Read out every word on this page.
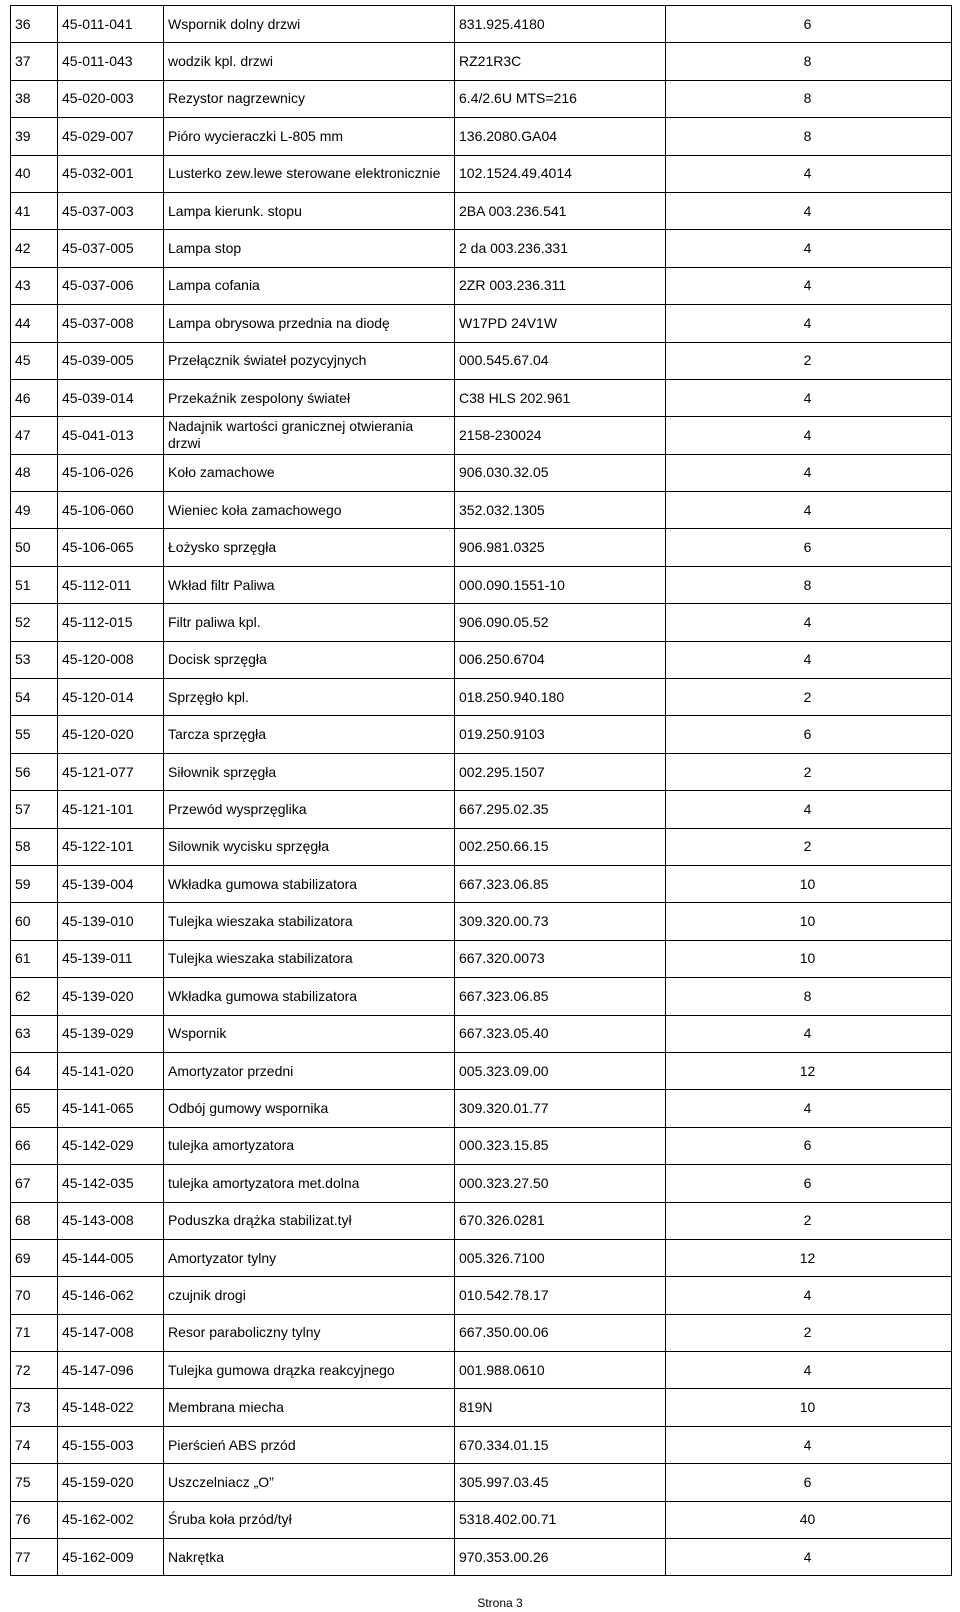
36	45-011-041	Wspornik dolny drzwi	831.925.4180	6
37	45-011-043	wodzik kpl. drzwi	RZ21R3C	8
38	45-020-003	Rezystor nagrzewnicy	6.4/2.6U MTS=216	8
39	45-029-007	Pióro wycieraczki L-805 mm	136.2080.GA04	8
40	45-032-001	Lusterko zew.lewe sterowane elektronicznie	102.1524.49.4014	4
41	45-037-003	Lampa kierunk. stopu	2BA 003.236.541	4
42	45-037-005	Lampa stop	2 da 003.236.331	4
43	45-037-006	Lampa cofania	2ZR 003.236.311	4
44	45-037-008	Lampa obrysowa przednia na diodę	W17PD 24V1W	4
45	45-039-005	Przełącznik świateł pozycyjnych	000.545.67.04	2
46	45-039-014	Przekaźnik zespolony świateł	C38 HLS 202.961	4
47	45-041-013	Nadajnik wartości granicznej otwierania drzwi	2158-230024	4
48	45-106-026	Koło zamachowe	906.030.32.05	4
49	45-106-060	Wieniec koła zamachowego	352.032.1305	4
50	45-106-065	Łożysko sprzęgła	906.981.0325	6
51	45-112-011	Wkład filtr Paliwa	000.090.1551-10	8
52	45-112-015	Filtr paliwa kpl.	906.090.05.52	4
53	45-120-008	Docisk sprzęgła	006.250.6704	4
54	45-120-014	Sprzęgło kpl.	018.250.940.180	2
55	45-120-020	Tarcza sprzęgła	019.250.9103	6
56	45-121-077	Siłownik sprzęgła	002.295.1507	2
57	45-121-101	Przewód wysprzęglika	667.295.02.35	4
58	45-122-101	Silownik wycisku sprzęgła	002.250.66.15	2
59	45-139-004	Wkładka gumowa stabilizatora	667.323.06.85	10
60	45-139-010	Tulejka wieszaka stabilizatora	309.320.00.73	10
61	45-139-011	Tulejka wieszaka stabilizatora	667.320.0073	10
62	45-139-020	Wkładka gumowa stabilizatora	667.323.06.85	8
63	45-139-029	Wspornik	667.323.05.40	4
64	45-141-020	Amortyzator przedni	005.323.09.00	12
65	45-141-065	Odbój gumowy wspornika	309.320.01.77	4
66	45-142-029	tulejka amortyzatora	000.323.15.85	6
67	45-142-035	tulejka amortyzatora met.dolna	000.323.27.50	6
68	45-143-008	Poduszka drążka stabilizat.tył	670.326.0281	2
69	45-144-005	Amortyzator tylny	005.326.7100	12
70	45-146-062	czujnik drogi	010.542.78.17	4
71	45-147-008	Resor paraboliczny tylny	667.350.00.06	2
72	45-147-096	Tulejka gumowa drązka reakcyjnego	001.988.0610	4
73	45-148-022	Membrana miecha	819N	10
74	45-155-003	Pierścień ABS przód	670.334.01.15	4
75	45-159-020	Uszczelniacz „O”	305.997.03.45	6
76	45-162-002	Śruba koła przód/tył	5318.402.00.71	40
77	45-162-009	Nakrętka	970.353.00.26	4
Strona 3
